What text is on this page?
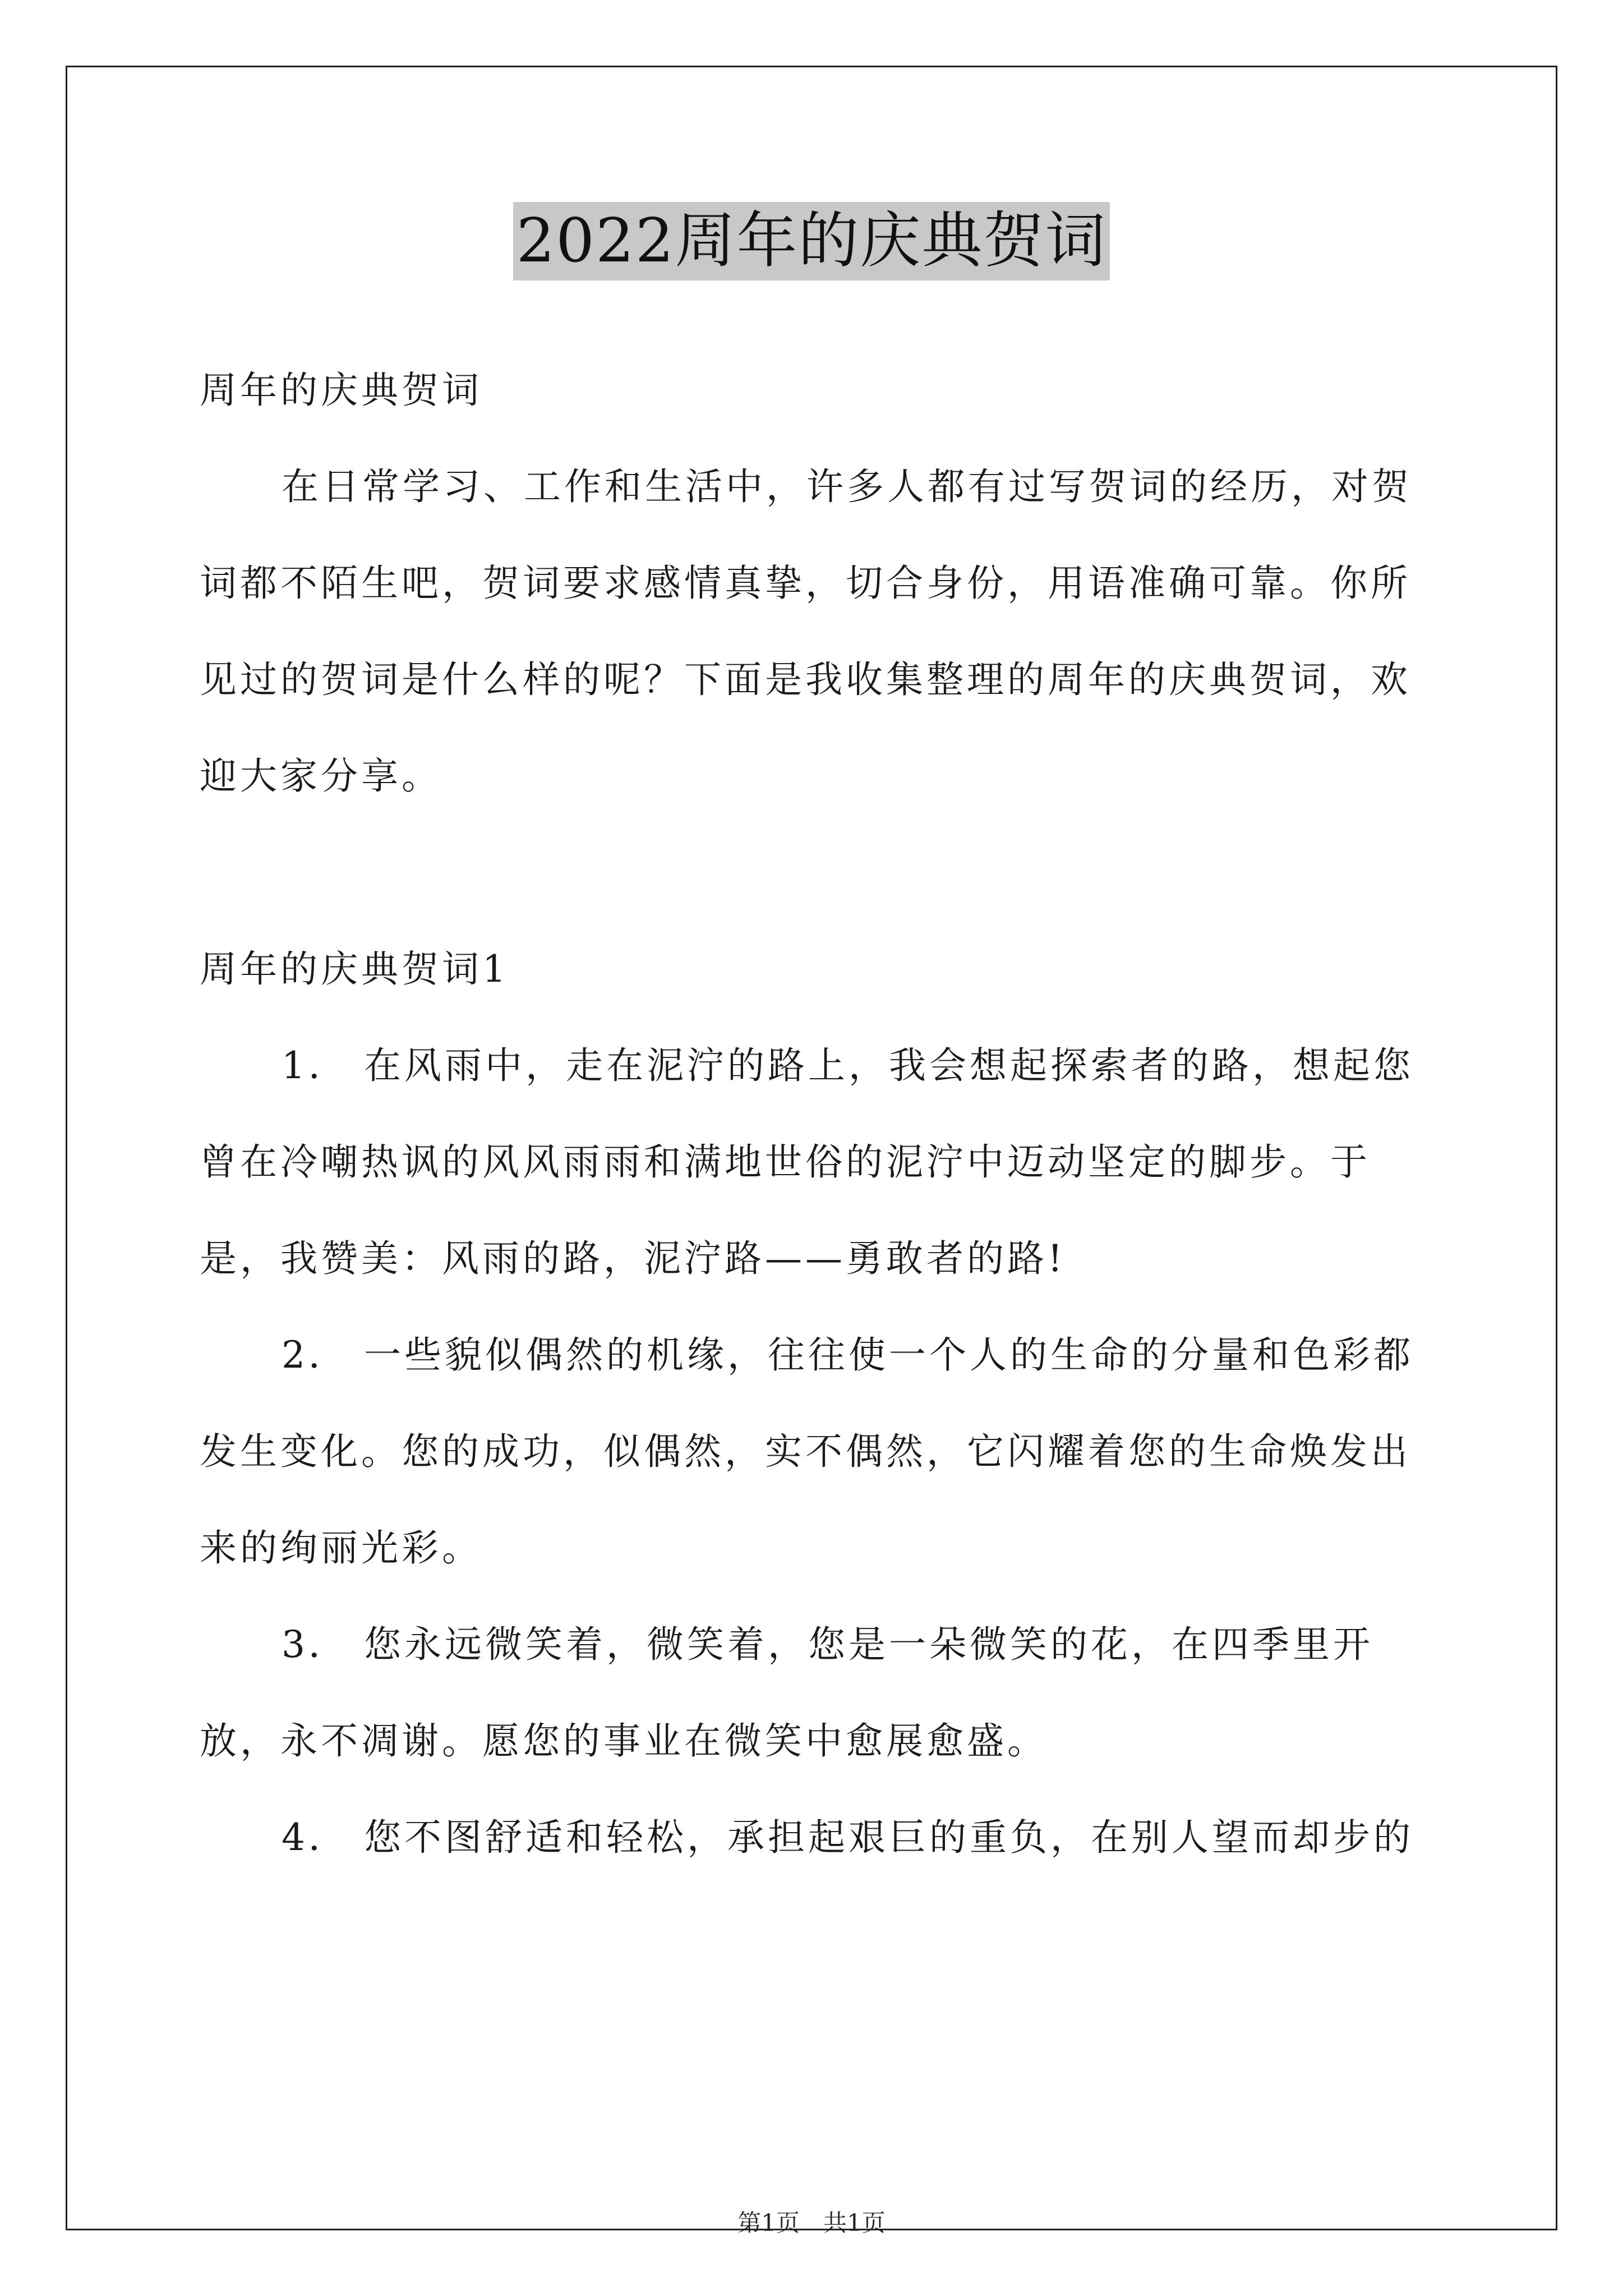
2022周年的庆典贺词

周年的庆典贺词

在日常学习、工作和生活中，许多人都有过写贺词的经历，对贺词都不陌生吧，贺词要求感情真挚，切合身份，用语准确可靠。你所见过的贺词是什么样的呢？下面是我收集整理的周年的庆典贺词，欢迎大家分享。

周年的庆典贺词1

1． 在风雨中，走在泥泞的路上，我会想起探索者的路，想起您曾在冷嘲热讽的风风雨雨和满地世俗的泥泞中迈动坚定的脚步。于是，我赞美：风雨的路，泥泞路——勇敢者的路!

2． 一些貌似偶然的机缘，往往使一个人的生命的分量和色彩都发生变化。您的成功，似偶然，实不偶然，它闪耀着您的生命焕发出来的绚丽光彩。

3． 您永远微笑着，微笑着，您是一朵微笑的花，在四季里开放，永不凋谢。愿您的事业在微笑中愈展愈盛。

4． 您不图舒适和轻松，承担起艰巨的重负，在别人望而却步的

第1页　共1页
